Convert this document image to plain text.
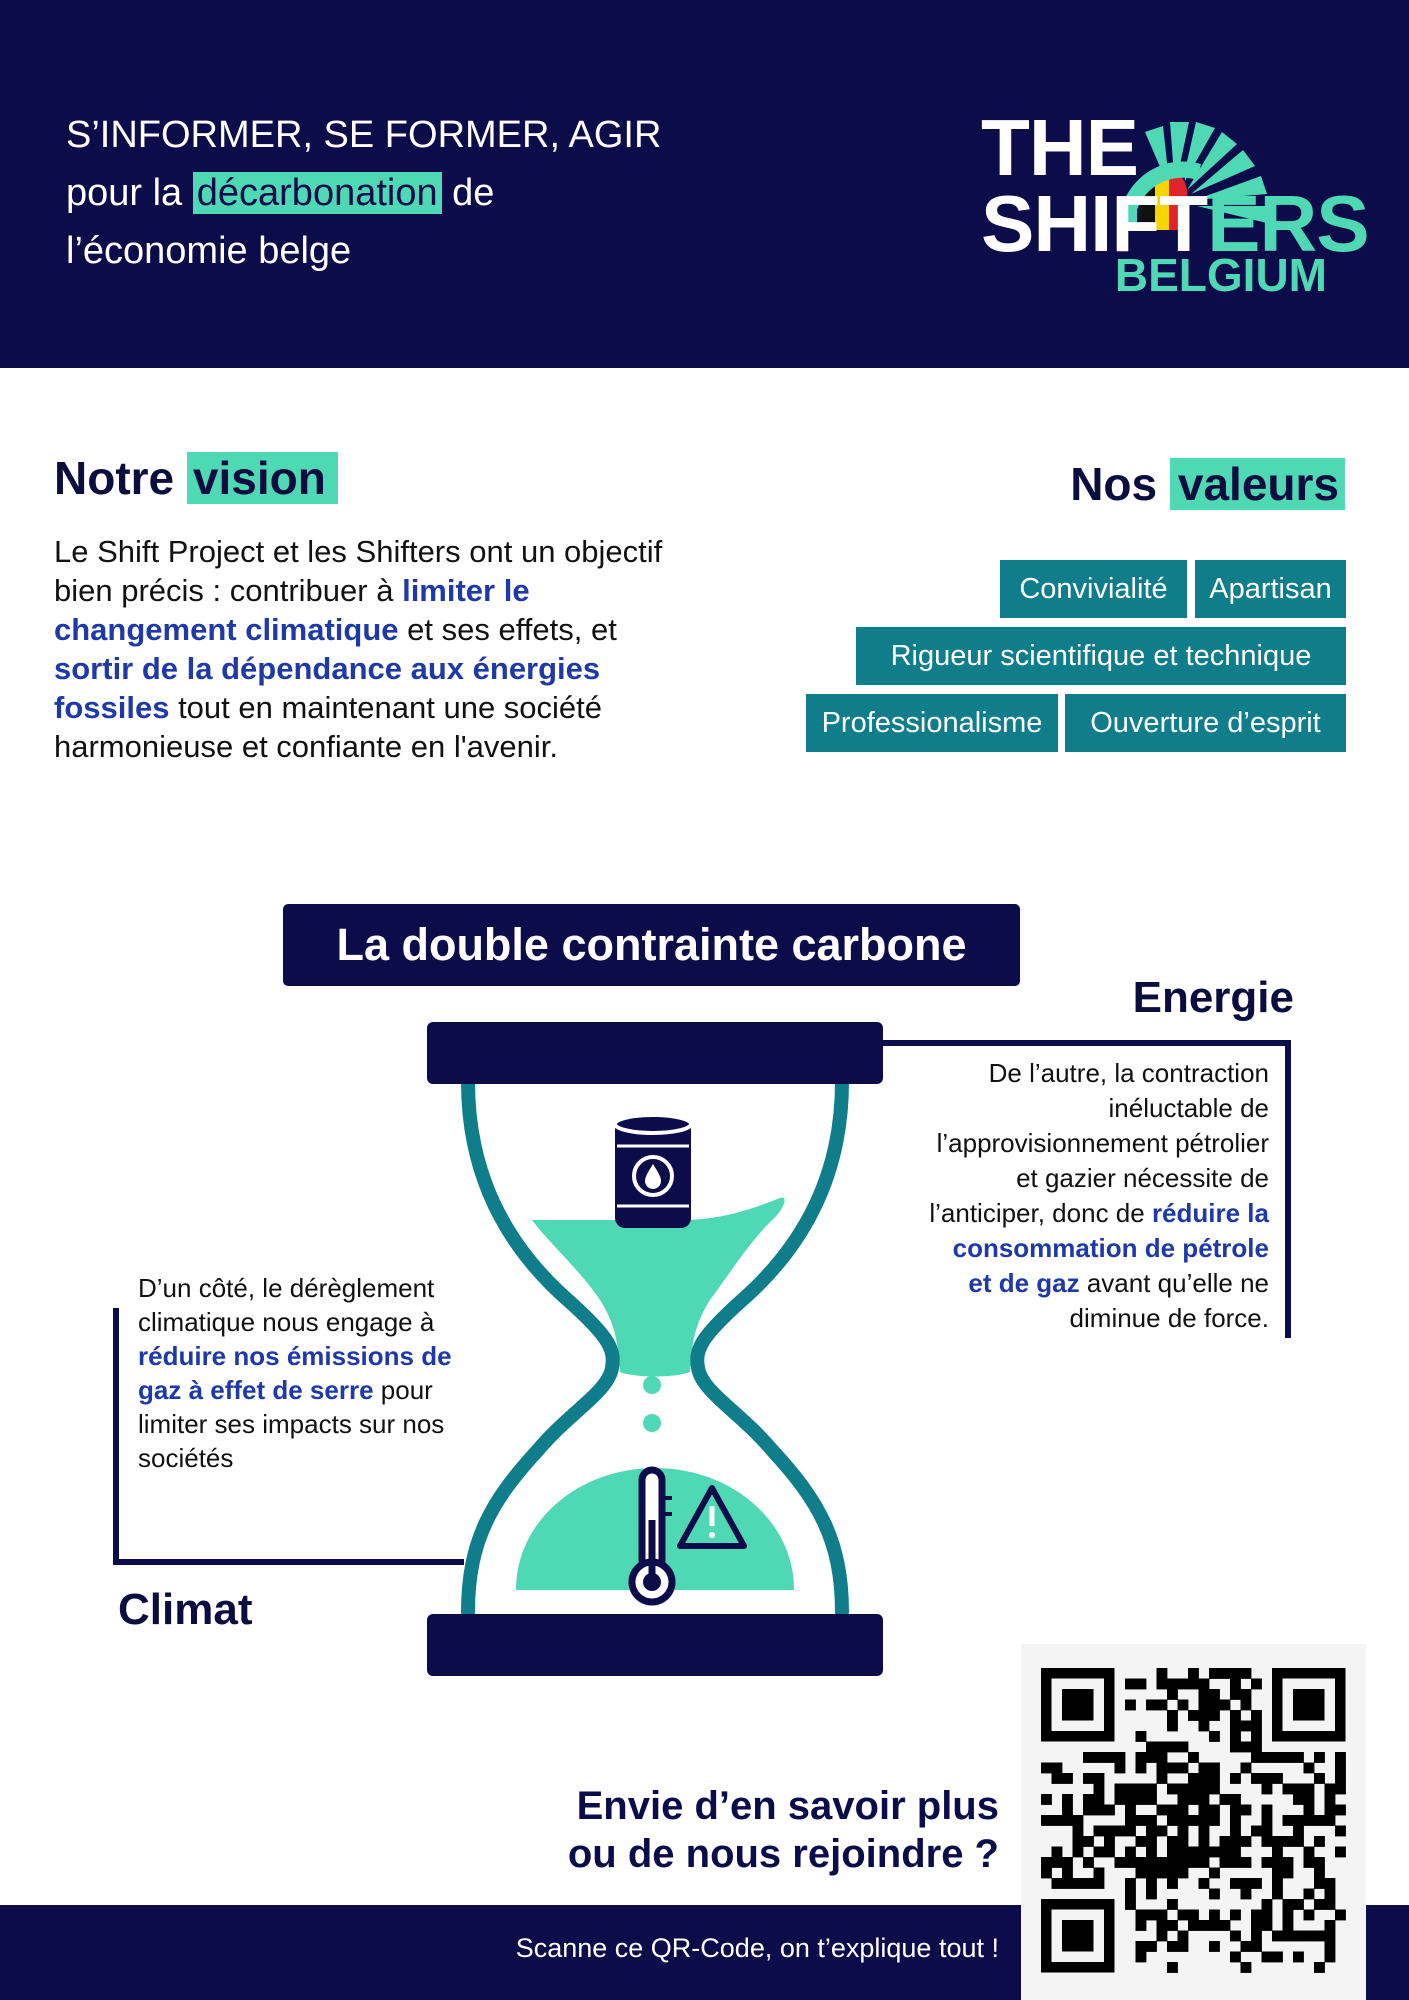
S’INFORMER, SE FORMER, AGIR
pour la décarbonation de
l’économie belge
THE
SHIFTERS
BELGIUM
Notre vision
Le Shift Project et les Shifters ont un objectif bien précis : contribuer à limiter le changement climatique et ses effets, et sortir de la dépendance aux énergies fossiles tout en maintenant une société harmonieuse et confiante en l'avenir.
Nos valeurs
Convivialité	Apartisan
Rigueur scientifique et technique
Professionalisme	Ouverture d’esprit
La double contrainte carbone
Energie
De l’autre, la contraction inéluctable de l’approvisionnement pétrolier et gazier nécessite de l’anticiper, donc de réduire la consommation de pétrole et de gaz avant qu’elle ne diminue de force.
D’un côté, le dérèglement climatique nous engage à réduire nos émissions de gaz à effet de serre pour limiter ses impacts sur nos sociétés
Climat
Envie d’en savoir plus
ou de nous rejoindre ?
Scanne ce QR-Code, on t’explique tout !
